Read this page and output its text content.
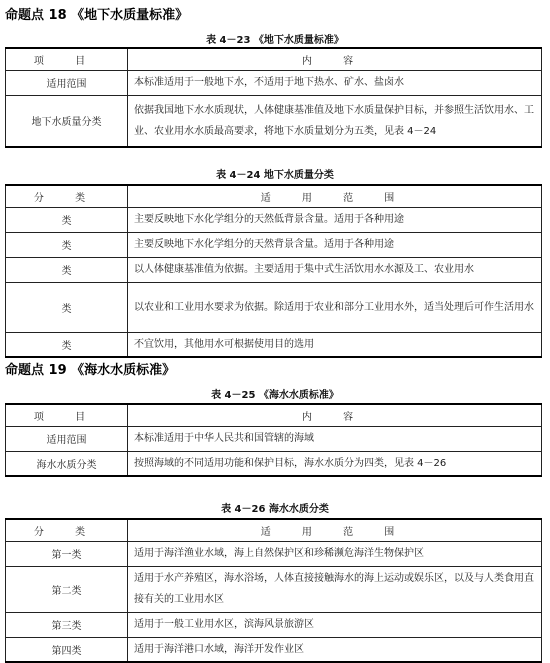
命题点 18 《地下水质量标准》
表 4－23 《地下水质量标准》
项 目	内 容
适用范围	本标准适用于一般地下水，不适用于地下热水、矿水、盐卤水
地下水质量分类	依据我国地下水水质现状，人体健康基准值及地下水质量保护目标，并参照生活饮用水、工业、农业用水水质最高要求，将地下水质量划分为五类，见表 4－24
表 4－24 地下水质量分类
分 类	适 用 范 围
类	主要反映地下水化学组分的天然低背景含量。适用于各种用途
类	主要反映地下水化学组分的天然背景含量。适用于各种用途
类	以人体健康基准值为依据。主要适用于集中式生活饮用水水源及工、农业用水
类	以农业和工业用水要求为依据。除适用于农业和部分工业用水外，适当处理后可作生活用水
类	不宜饮用，其他用水可根据使用目的选用
命题点 19 《海水水质标准》
表 4－25 《海水水质标准》
项 目	内 容
适用范围	本标准适用于中华人民共和国管辖的海域
海水水质分类	按照海域的不同适用功能和保护目标，海水水质分为四类，见表 4－26
表 4－26 海水水质分类
分 类	适 用 范 围
第一类	适用于海洋渔业水域，海上自然保护区和珍稀濒危海洋生物保护区
第二类	适用于水产养殖区，海水浴场，人体直接接触海水的海上运动或娱乐区，以及与人类食用直接有关的工业用水区
第三类	适用于一般工业用水区，滨海风景旅游区
第四类	适用于海洋港口水域，海洋开发作业区
